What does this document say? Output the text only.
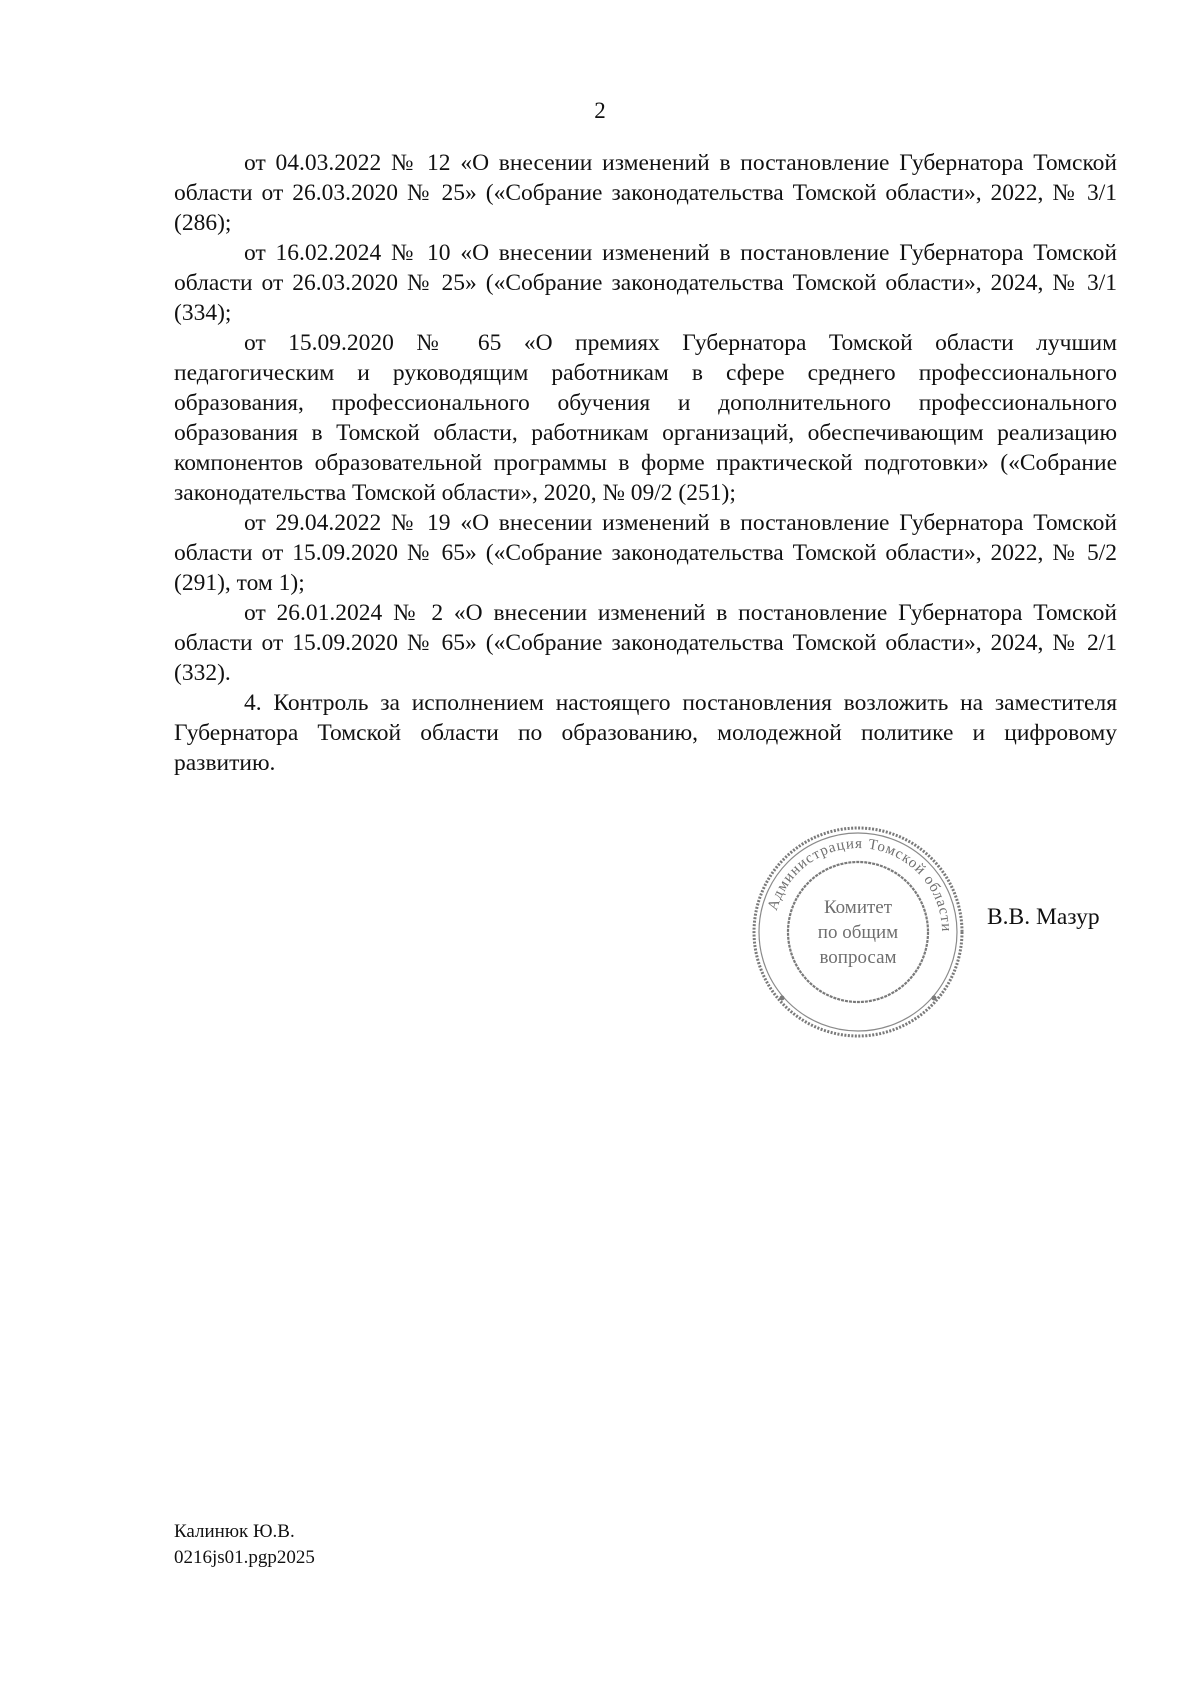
2

от 04.03.2022 № 12 «О внесении изменений в постановление Губернатора Томской области от 26.03.2020 № 25» («Собрание законодательства Томской области», 2022, № 3/1 (286);

от 16.02.2024 № 10 «О внесении изменений в постановление Губернатора Томской области от 26.03.2020 № 25» («Собрание законодательства Томской области», 2024, № 3/1 (334);

от 15.09.2020 № 65 «О премиях Губернатора Томской области лучшим педагогическим и руководящим работникам в сфере среднего профессионального образования, профессионального обучения и дополнительного профессионального образования в Томской области, работникам организаций, обеспечивающим реализацию компонентов образовательной программы в форме практической подготовки» («Собрание законодательства Томской области», 2020, № 09/2 (251);

от 29.04.2022 № 19 «О внесении изменений в постановление Губернатора Томской области от 15.09.2020 № 65» («Собрание законодательства Томской области», 2022, № 5/2 (291), том 1);

от 26.01.2024 № 2 «О внесении изменений в постановление Губернатора Томской области от 15.09.2020 № 65» («Собрание законодательства Томской области», 2024, № 2/1 (332).

4. Контроль за исполнением настоящего постановления возложить на заместителя Губернатора Томской области по образованию, молодежной политике и цифровому развитию.

Администрация Томской области
Комитет
по общим
вопросам
В.В. Мазур
Калинюк Ю.В.
0216js01.pgp2025
